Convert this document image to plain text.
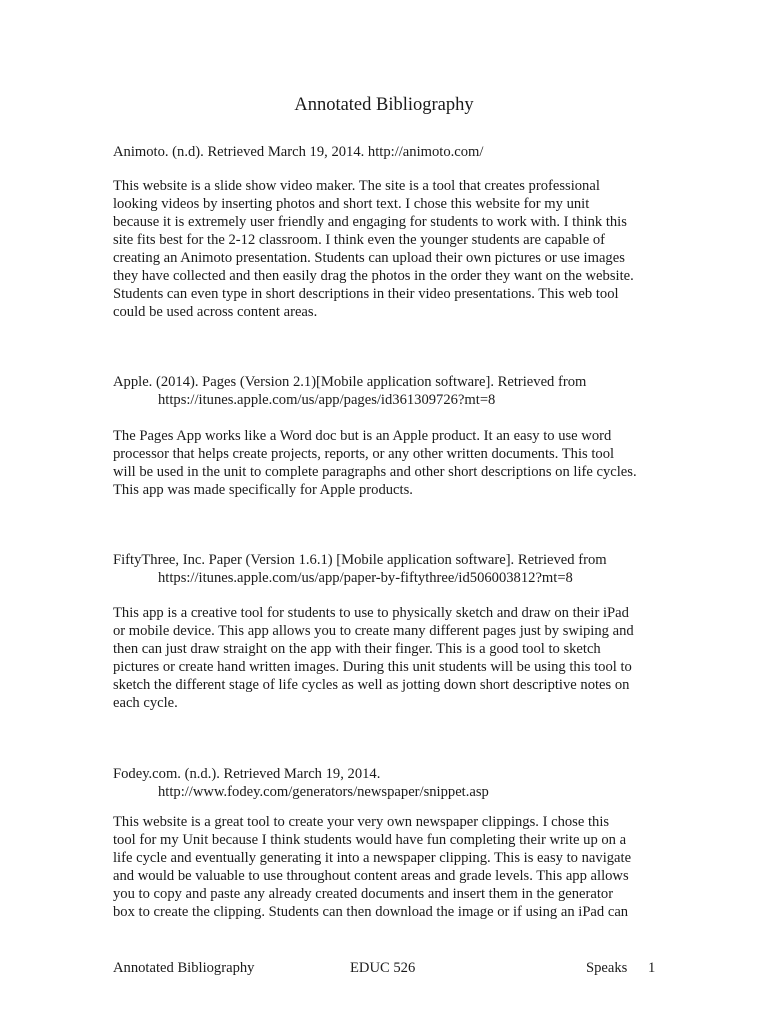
Annotated Bibliography

Animoto. (n.d). Retrieved March 19, 2014. http://animoto.com/

This website is a slide show video maker. The site is a tool that creates professional

looking videos by inserting photos and short text. I chose this website for my unit

because it is extremely user friendly and engaging for students to work with. I think this

site fits best for the 2-12 classroom. I think even the younger students are capable of

creating an Animoto presentation. Students can upload their own pictures or use images

they have collected and then easily drag the photos in the order they want on the website.

Students can even type in short descriptions in their video presentations. This web tool

could be used across content areas.

Apple. (2014). Pages (Version 2.1)[Mobile application software]. Retrieved from

https://itunes.apple.com/us/app/pages/id361309726?mt=8

The Pages App works like a Word doc but is an Apple product. It an easy to use word

processor that helps create projects, reports, or any other written documents. This tool

will be used in the unit to complete paragraphs and other short descriptions on life cycles.

This app was made specifically for Apple products.

FiftyThree, Inc. Paper (Version 1.6.1) [Mobile application software]. Retrieved from

https://itunes.apple.com/us/app/paper-by-fiftythree/id506003812?mt=8

This app is a creative tool for students to use to physically sketch and draw on their iPad

or mobile device. This app allows you to create many different pages just by swiping and

then can just draw straight on the app with their finger. This is a good tool to sketch

pictures or create hand written images. During this unit students will be using this tool to

sketch the different stage of life cycles as well as jotting down short descriptive notes on

each cycle.

Fodey.com. (n.d.). Retrieved March 19, 2014.

http://www.fodey.com/generators/newspaper/snippet.asp

This website is a great tool to create your very own newspaper clippings. I chose this

tool for my Unit because I think students would have fun completing their write up on a

life cycle and eventually generating it into a newspaper clipping. This is easy to navigate

and would be valuable to use throughout content areas and grade levels. This app allows

you to copy and paste any already created documents and insert them in the generator

box to create the clipping. Students can then download the image or if using an iPad can

Annotated Bibliography	EDUC 526	Speaks 1
